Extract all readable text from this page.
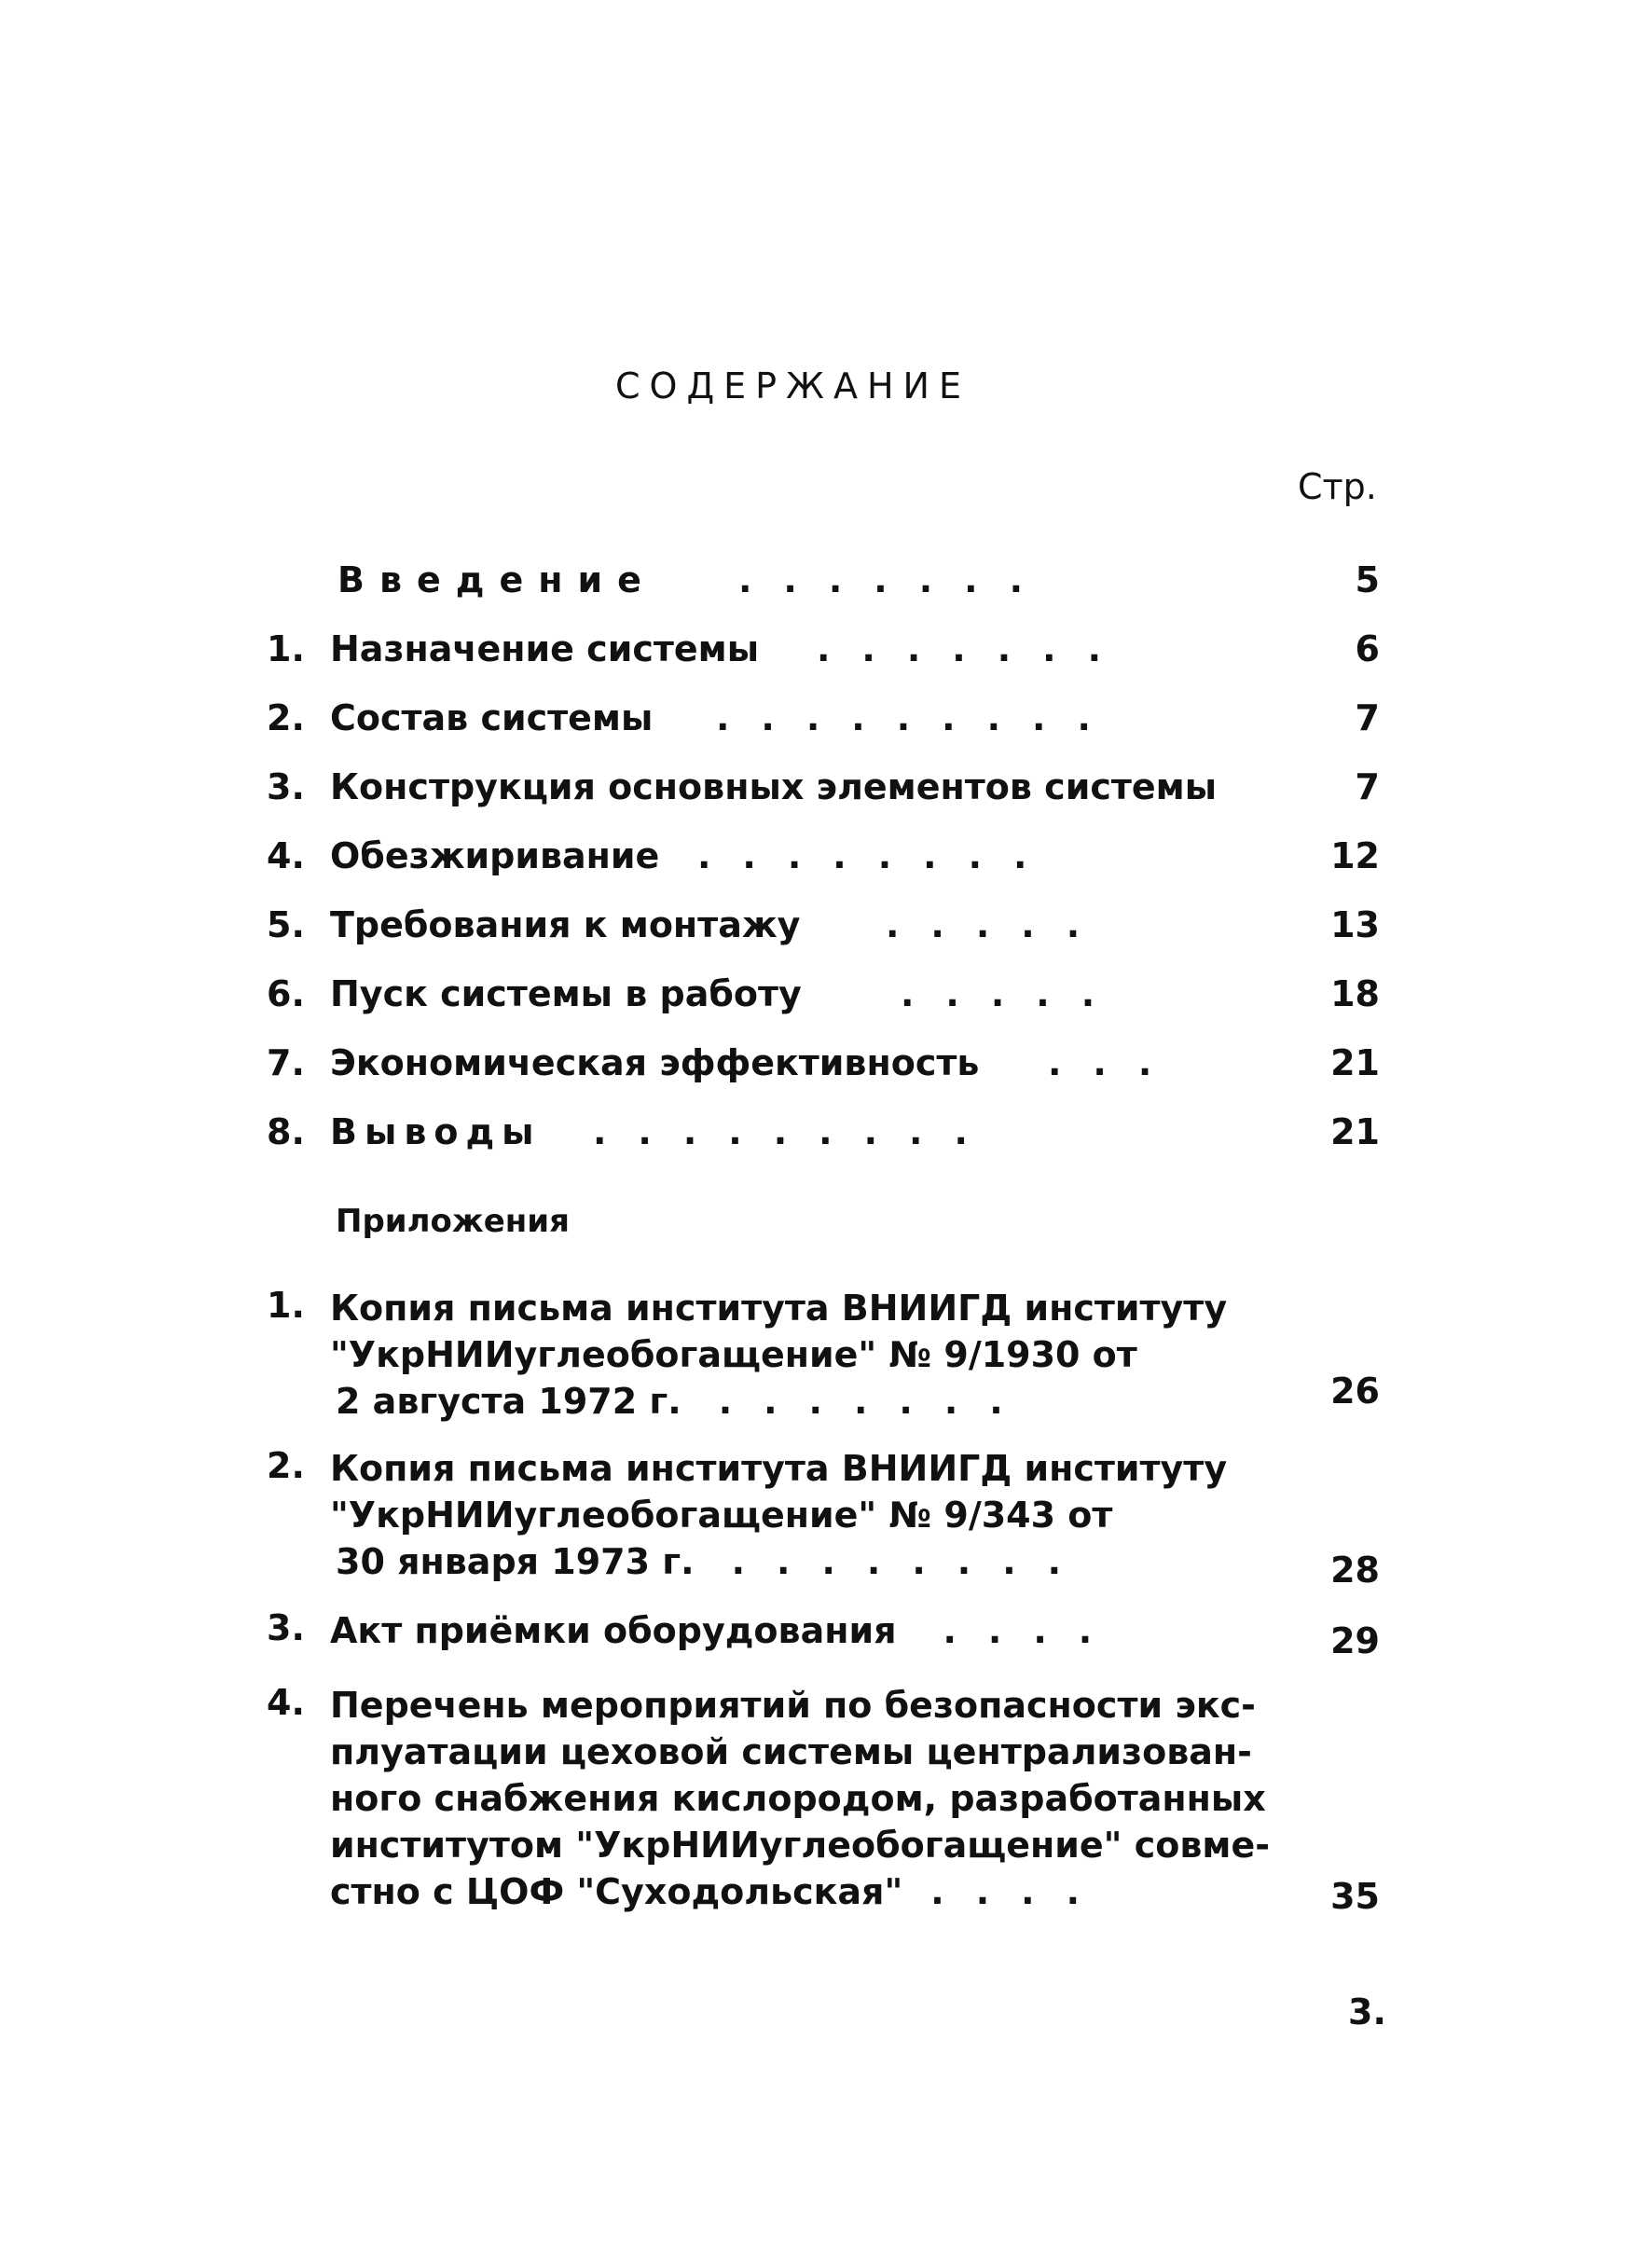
СОДЕРЖАНИЕ
Стр.
Введение .......	5
1. Назначение системы .......	6
2. Состав системы .........	7
3. Конструкция основных элементов системы	7
4. Обезжиривание ........	12
5. Требования к монтажу .....	13
6. Пуск системы в работу	.....	18
7. Экономическая эффективность ...	21
8. Выводы .........	21
Приложения
1. Копия письма института ВНИИГД институту
"УкрНИИуглеобогащение" № 9/1930 от
2 августа 1972 г. .......	26
2. Копия письма института ВНИИГД институту
"УкрНИИуглеобогащение" № 9/343 от
30 января 1973 г. ........	28
3. Акт приёмки оборудования ....	29
4. Перечень мероприятий по безопасности экс-
плуатации цеховой системы централизован-
ного снабжения кислородом, разработанных
институтом "УкрНИИуглеобогащение" совме-
стно с ЦОФ "Суходольская" ....	35
3.
